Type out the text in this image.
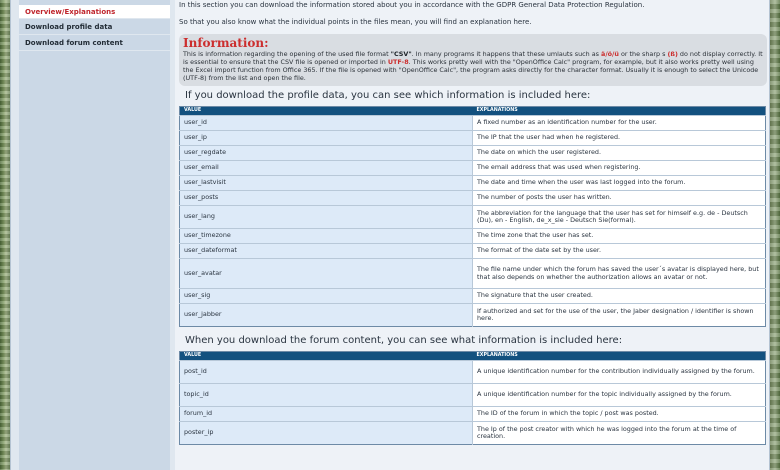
Overview/Explanations
Download profile data
Download forum content

In this section you can download the information stored about you in accordance with the GDPR General Data Protection Regulation.

So that you also know what the individual points in the files mean, you will find an explanation here.

Information:
This is information regarding the opening of the used file format "CSV". In many programs it happens that these umlauts such as ä/ö/ü or the sharp s (ß) do not display correctly. It is essential to ensure that the CSV file is opened or imported in UTF-8. This works pretty well with the "OpenOffice Calc" program, for example, but it also works pretty well using the Excel import function from Office 365. If the file is opened with "OpenOffice Calc", the program asks directly for the character format. Usually it is enough to select the Unicode (UTF-8) from the list and open the file.
If you download the profile data, you can see which information is included here:
VALUE	EXPLANATIONS
user_id	A fixed number as an identification number for the user.
user_ip	The IP that the user had when he registered.
user_regdate	The date on which the user registered.
user_email	The email address that was used when registering.
user_lastvisit	The date and time when the user was last logged into the forum.
user_posts	The number of posts the user has written.
user_lang	The abbreviation for the language that the user has set for himself e.g. de - Deutsch (Du), en - English, de_x_sie - Deutsch Sie(formal).
user_timezone	The time zone that the user has set.
user_dateformat	The format of the date set by the user.
user_avatar	The file name under which the forum has saved the user´s avatar is displayed here, but that also depends on whether the authorization allows an avatar or not.
user_sig	The signature that the user created.
user_jabber	If authorized and set for the use of the user, the Jaber designation / identifier is shown here.
When you download the forum content, you can see what information is included here:
VALUE	EXPLANATIONS
post_id	A unique identification number for the contribution individually assigned by the forum.
topic_id	A unique identification number for the topic individually assigned by the forum.
forum_id	The ID of the forum in which the topic / post was posted.
poster_ip	The Ip of the post creator with which he was logged into the forum at the time of creation.
